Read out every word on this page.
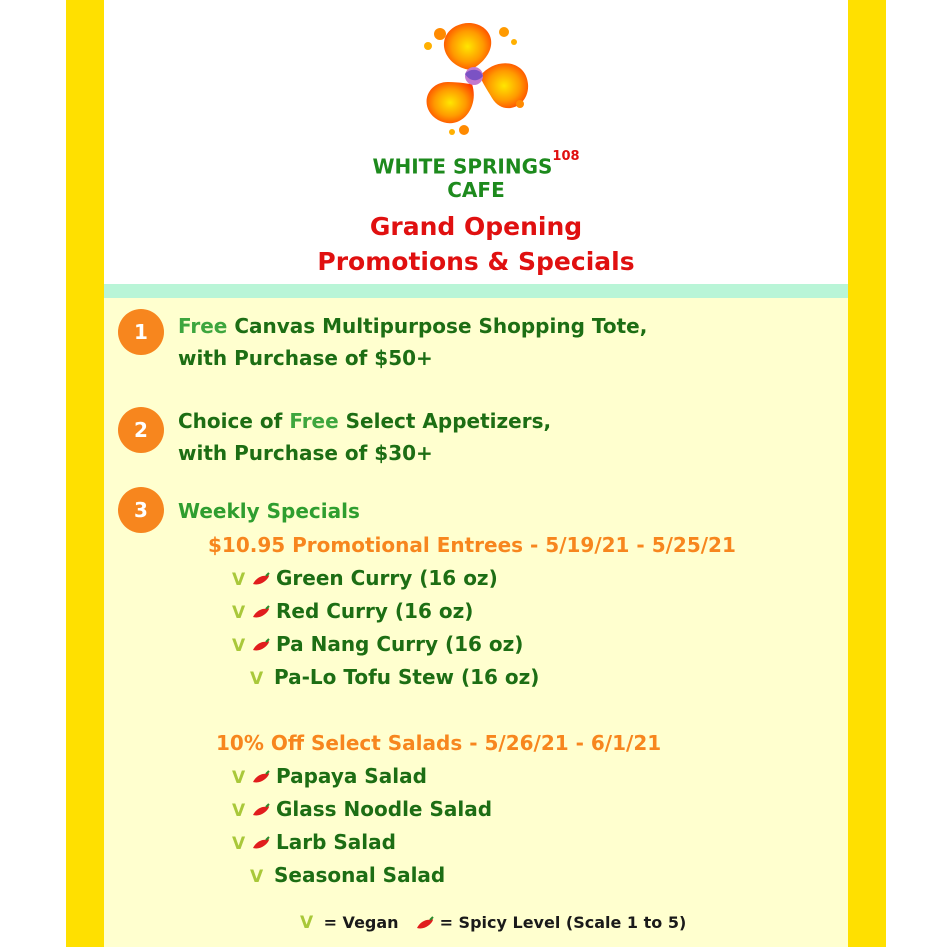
WHITE SPRINGS$^{108}$
CAFE
Grand Opening
Promotions & Specials
1	Free Canvas Multipurpose Shopping Tote,
with Purchase of $50+
2	Choice of Free Select Appetizers,
with Purchase of $30+
3	Weekly Specials
$10.95 Promotional Entrees - 5/19/21 - 5/25/21
V Green Curry (16 oz)
V Red Curry (16 oz)
V Pa Nang Curry (16 oz)
V Pa-Lo Tofu Stew (16 oz)
10% Off Select Salads - 5/26/21 - 6/1/21
V Papaya Salad
V Glass Noodle Salad
V Larb Salad
V Seasonal Salad
V = Vegan	= Spicy Level (Scale 1 to 5)
